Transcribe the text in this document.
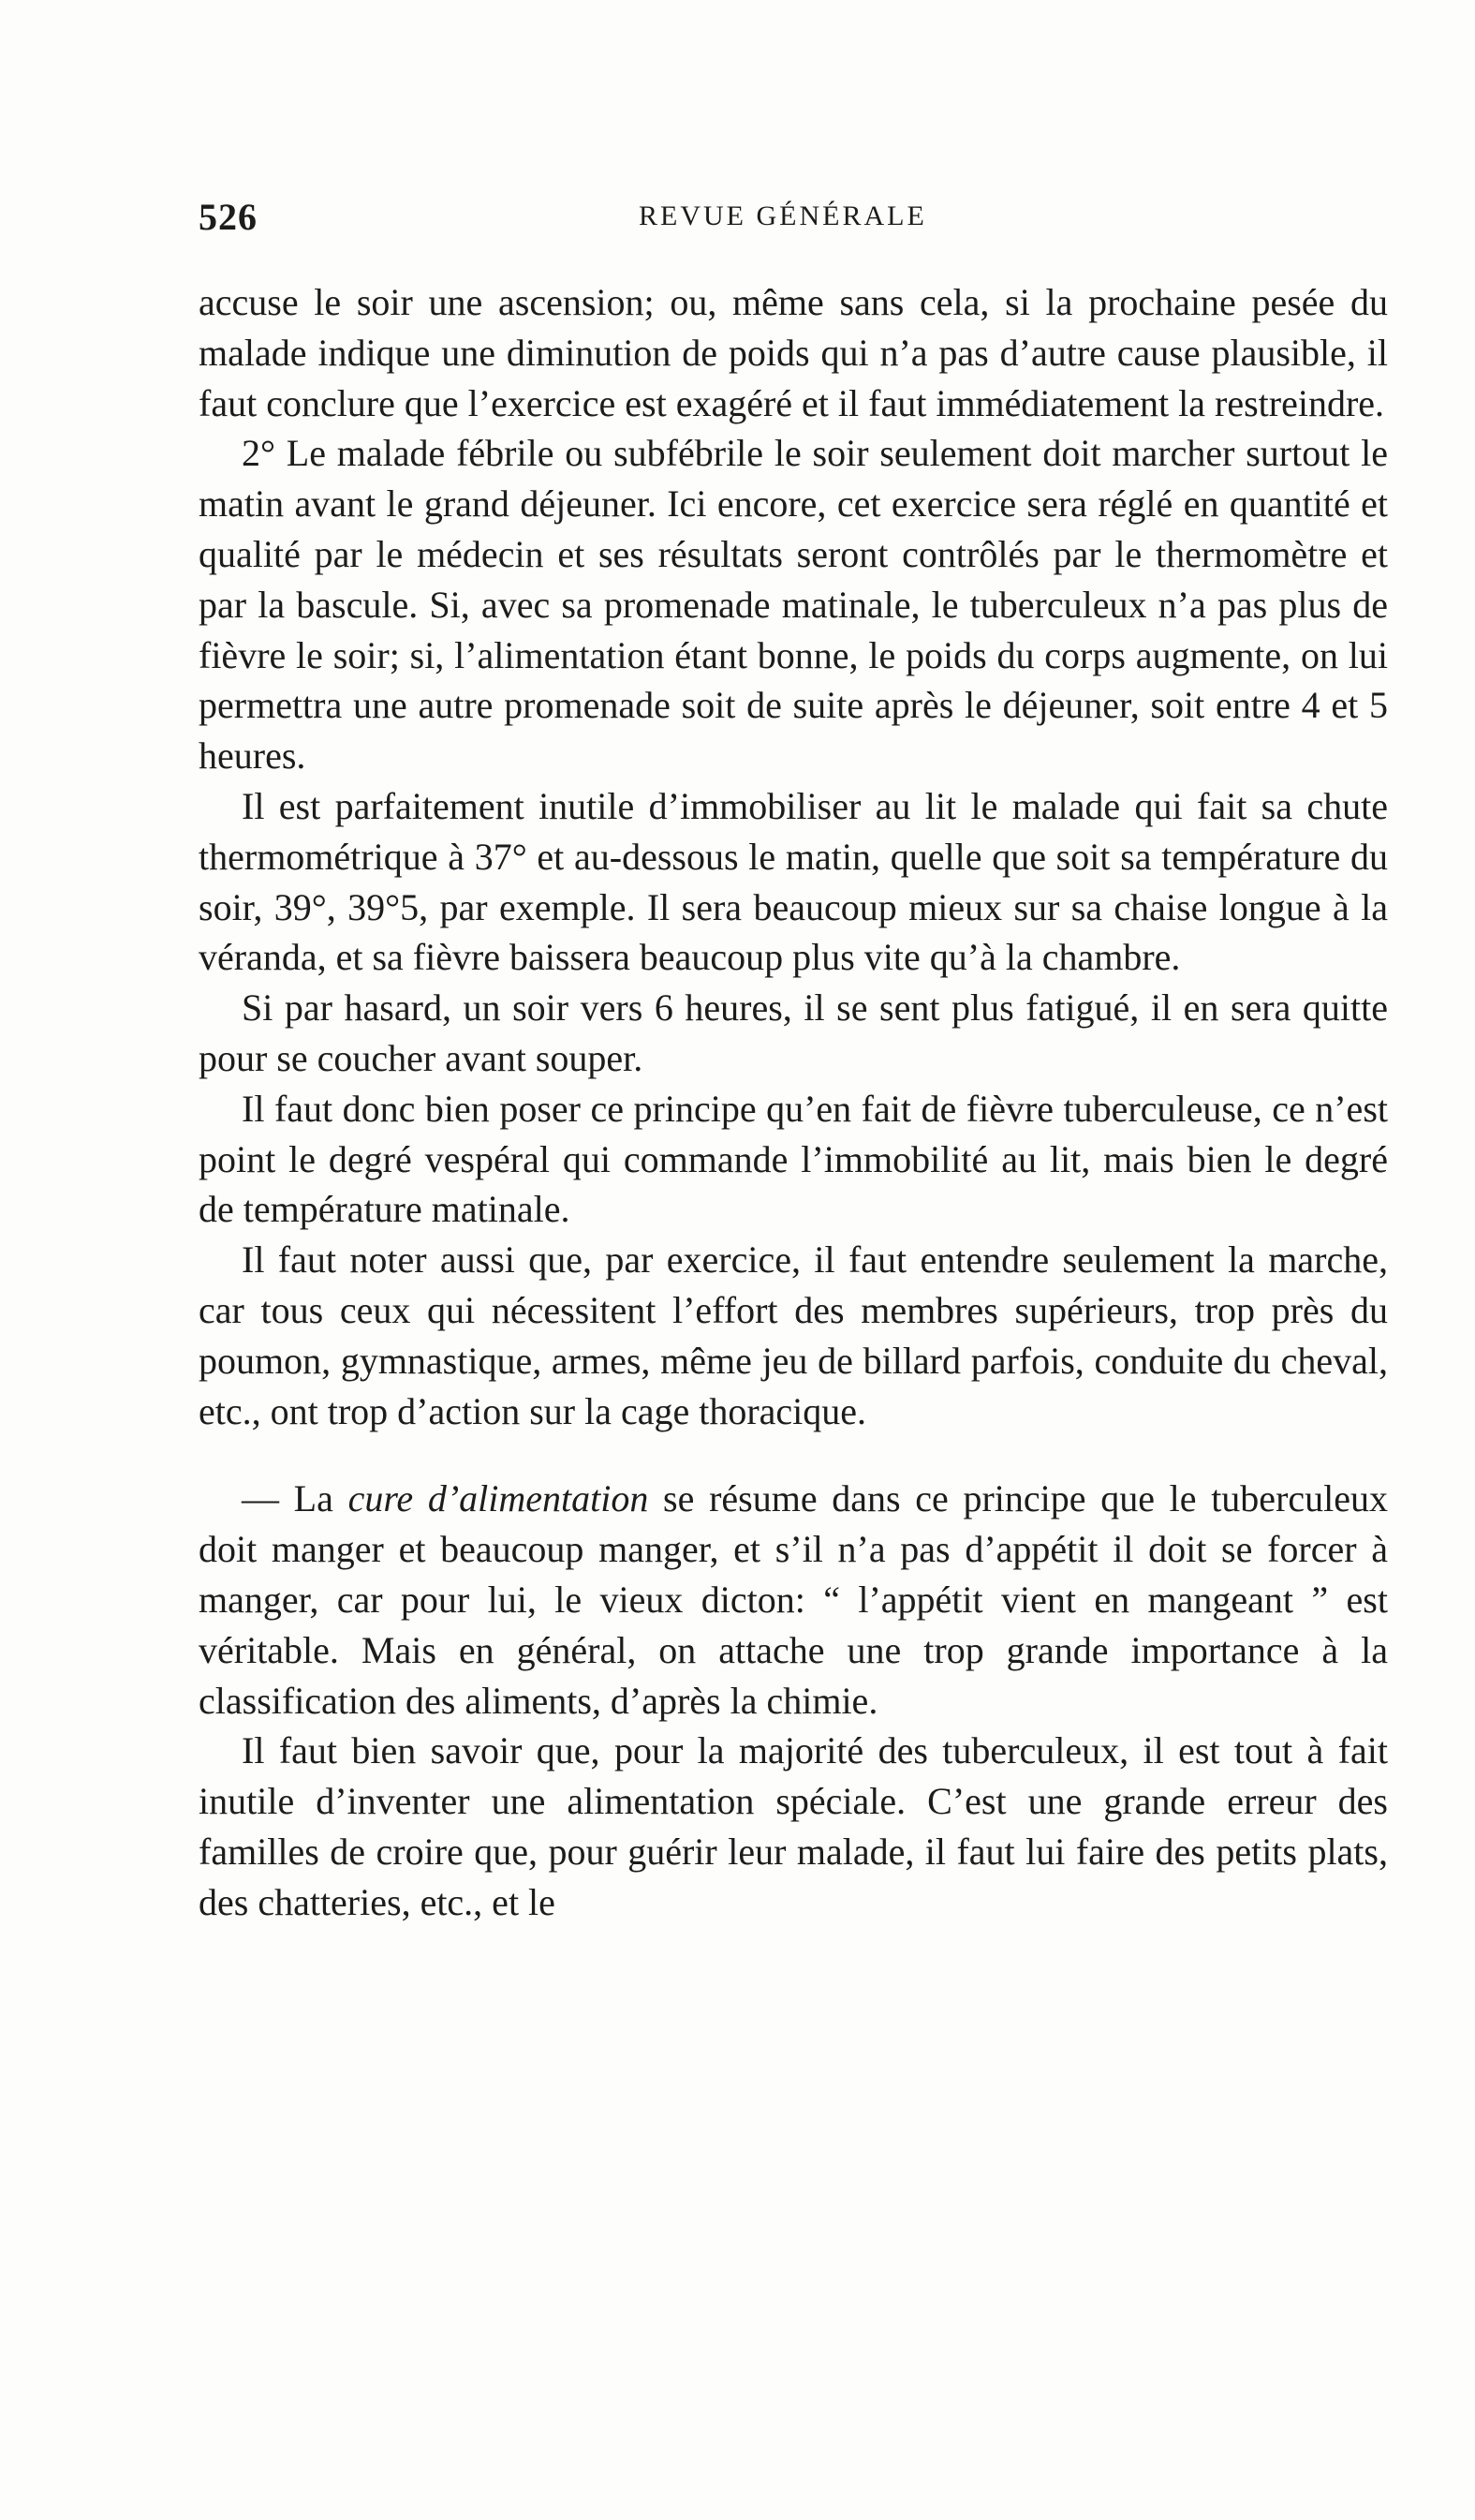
526	REVUE GÉNÉRALE

accuse le soir une ascension; ou, même sans cela, si la prochaine pesée du malade indique une diminution de poids qui n’a pas d’autre cause plausible, il faut conclure que l’exercice est exagéré et il faut immédiatement la restreindre.

2° Le malade fébrile ou subfébrile le soir seulement doit marcher surtout le matin avant le grand déjeuner. Ici encore, cet exercice sera réglé en quantité et qualité par le médecin et ses résultats seront contrôlés par le thermomètre et par la bascule. Si, avec sa promenade matinale, le tuberculeux n’a pas plus de fièvre le soir; si, l’alimentation étant bonne, le poids du corps augmente, on lui permettra une autre promenade soit de suite après le déjeuner, soit entre 4 et 5 heures.

Il est parfaitement inutile d’immobiliser au lit le malade qui fait sa chute thermométrique à 37° et au-dessous le matin, quelle que soit sa température du soir, 39°, 39°5, par exemple. Il sera beaucoup mieux sur sa chaise longue à la véranda, et sa fièvre baissera beaucoup plus vite qu’à la chambre.

Si par hasard, un soir vers 6 heures, il se sent plus fatigué, il en sera quitte pour se coucher avant souper.

Il faut donc bien poser ce principe qu’en fait de fièvre tuberculeuse, ce n’est point le degré vespéral qui commande l’immobilité au lit, mais bien le degré de température matinale.

Il faut noter aussi que, par exercice, il faut entendre seulement la marche, car tous ceux qui nécessitent l’effort des membres supérieurs, trop près du poumon, gymnastique, armes, même jeu de billard parfois, conduite du cheval, etc., ont trop d’action sur la cage thoracique.

— La cure d’alimentation se résume dans ce principe que le tuberculeux doit manger et beaucoup manger, et s’il n’a pas d’appétit il doit se forcer à manger, car pour lui, le vieux dicton: “ l’appétit vient en mangeant ” est véritable. Mais en général, on attache une trop grande importance à la classification des aliments, d’après la chimie.

Il faut bien savoir que, pour la majorité des tuberculeux, il est tout à fait inutile d’inventer une alimentation spéciale. C’est une grande erreur des familles de croire que, pour guérir leur malade, il faut lui faire des petits plats, des chatteries, etc., et le
